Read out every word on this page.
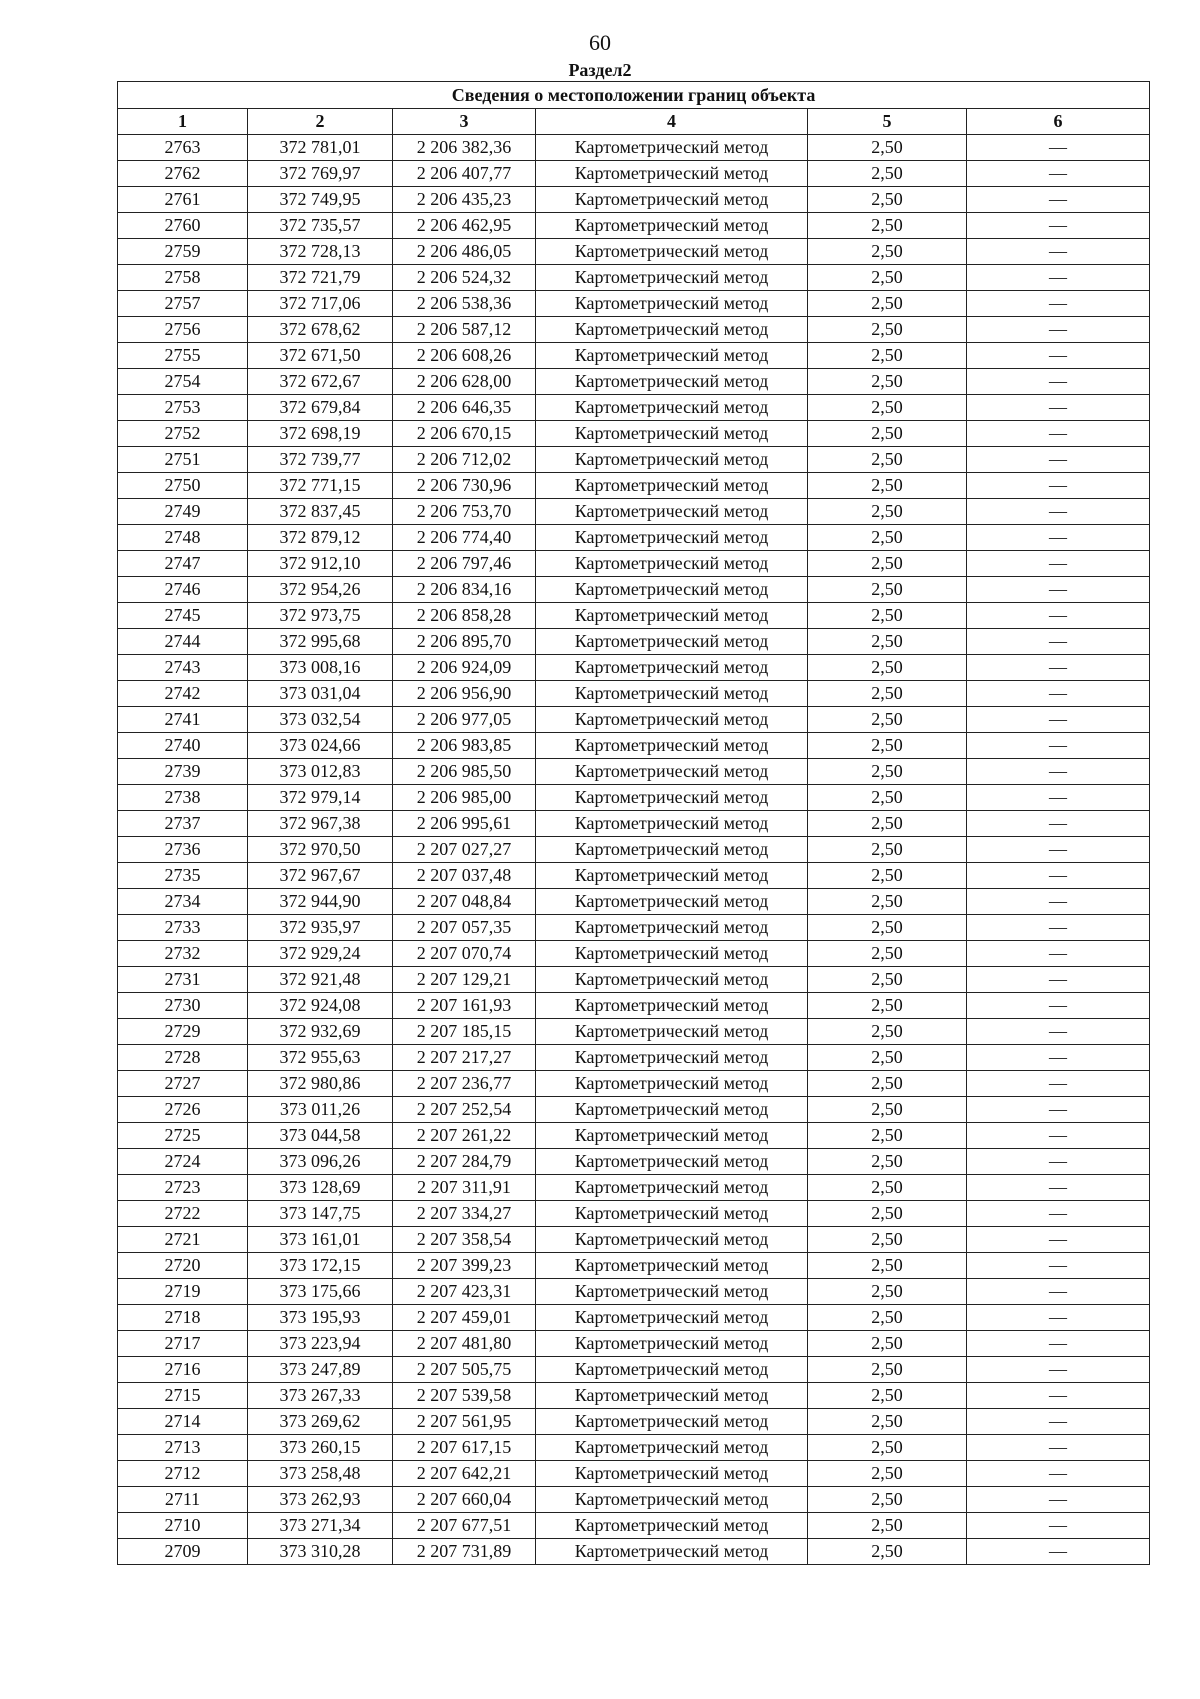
60
Раздел2
Сведения о местоположении границ объекта					
1	2	3	4	5	6
2763	372 781,01	2 206 382,36	Картометрический метод	2,50	—
2762	372 769,97	2 206 407,77	Картометрический метод	2,50	—
2761	372 749,95	2 206 435,23	Картометрический метод	2,50	—
2760	372 735,57	2 206 462,95	Картометрический метод	2,50	—
2759	372 728,13	2 206 486,05	Картометрический метод	2,50	—
2758	372 721,79	2 206 524,32	Картометрический метод	2,50	—
2757	372 717,06	2 206 538,36	Картометрический метод	2,50	—
2756	372 678,62	2 206 587,12	Картометрический метод	2,50	—
2755	372 671,50	2 206 608,26	Картометрический метод	2,50	—
2754	372 672,67	2 206 628,00	Картометрический метод	2,50	—
2753	372 679,84	2 206 646,35	Картометрический метод	2,50	—
2752	372 698,19	2 206 670,15	Картометрический метод	2,50	—
2751	372 739,77	2 206 712,02	Картометрический метод	2,50	—
2750	372 771,15	2 206 730,96	Картометрический метод	2,50	—
2749	372 837,45	2 206 753,70	Картометрический метод	2,50	—
2748	372 879,12	2 206 774,40	Картометрический метод	2,50	—
2747	372 912,10	2 206 797,46	Картометрический метод	2,50	—
2746	372 954,26	2 206 834,16	Картометрический метод	2,50	—
2745	372 973,75	2 206 858,28	Картометрический метод	2,50	—
2744	372 995,68	2 206 895,70	Картометрический метод	2,50	—
2743	373 008,16	2 206 924,09	Картометрический метод	2,50	—
2742	373 031,04	2 206 956,90	Картометрический метод	2,50	—
2741	373 032,54	2 206 977,05	Картометрический метод	2,50	—
2740	373 024,66	2 206 983,85	Картометрический метод	2,50	—
2739	373 012,83	2 206 985,50	Картометрический метод	2,50	—
2738	372 979,14	2 206 985,00	Картометрический метод	2,50	—
2737	372 967,38	2 206 995,61	Картометрический метод	2,50	—
2736	372 970,50	2 207 027,27	Картометрический метод	2,50	—
2735	372 967,67	2 207 037,48	Картометрический метод	2,50	—
2734	372 944,90	2 207 048,84	Картометрический метод	2,50	—
2733	372 935,97	2 207 057,35	Картометрический метод	2,50	—
2732	372 929,24	2 207 070,74	Картометрический метод	2,50	—
2731	372 921,48	2 207 129,21	Картометрический метод	2,50	—
2730	372 924,08	2 207 161,93	Картометрический метод	2,50	—
2729	372 932,69	2 207 185,15	Картометрический метод	2,50	—
2728	372 955,63	2 207 217,27	Картометрический метод	2,50	—
2727	372 980,86	2 207 236,77	Картометрический метод	2,50	—
2726	373 011,26	2 207 252,54	Картометрический метод	2,50	—
2725	373 044,58	2 207 261,22	Картометрический метод	2,50	—
2724	373 096,26	2 207 284,79	Картометрический метод	2,50	—
2723	373 128,69	2 207 311,91	Картометрический метод	2,50	—
2722	373 147,75	2 207 334,27	Картометрический метод	2,50	—
2721	373 161,01	2 207 358,54	Картометрический метод	2,50	—
2720	373 172,15	2 207 399,23	Картометрический метод	2,50	—
2719	373 175,66	2 207 423,31	Картометрический метод	2,50	—
2718	373 195,93	2 207 459,01	Картометрический метод	2,50	—
2717	373 223,94	2 207 481,80	Картометрический метод	2,50	—
2716	373 247,89	2 207 505,75	Картометрический метод	2,50	—
2715	373 267,33	2 207 539,58	Картометрический метод	2,50	—
2714	373 269,62	2 207 561,95	Картометрический метод	2,50	—
2713	373 260,15	2 207 617,15	Картометрический метод	2,50	—
2712	373 258,48	2 207 642,21	Картометрический метод	2,50	—
2711	373 262,93	2 207 660,04	Картометрический метод	2,50	—
2710	373 271,34	2 207 677,51	Картометрический метод	2,50	—
2709	373 310,28	2 207 731,89	Картометрический метод	2,50	—
